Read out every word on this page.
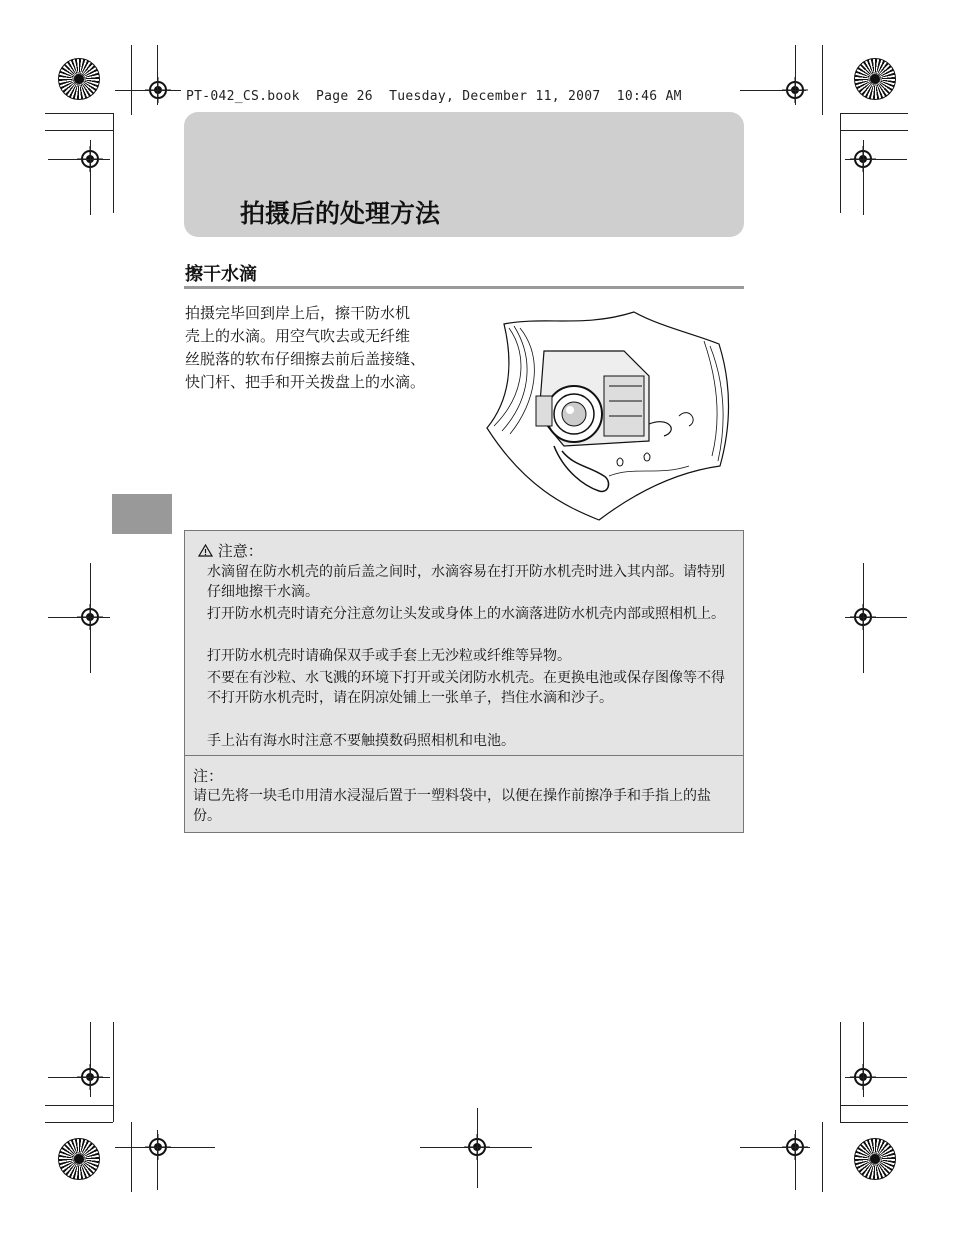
PT-042_CS.book  Page 26  Tuesday, December 11, 2007  10:46 AM
拍摄后的处理方法
擦干水滴
拍摄完毕回到岸上后，擦干防水机
壳上的水滴。用空气吹去或无纤维
丝脱落的软布仔细擦去前后盖接缝、
快门杆、把手和开关拨盘上的水滴。
注意：
水滴留在防水机壳的前后盖之间时，水滴容易在打开防水机壳时进入其内部。请特别仔细地擦干水滴。
打开防水机壳时请充分注意勿让头发或身体上的水滴落进防水机壳内部或照相机上。
打开防水机壳时请确保双手或手套上无沙粒或纤维等异物。
不要在有沙粒、水飞溅的环境下打开或关闭防水机壳。在更换电池或保存图像等不得不打开防水机壳时，请在阴凉处铺上一张单子，挡住水滴和沙子。
手上沾有海水时注意不要触摸数码照相机和电池。
注：
请已先将一块毛巾用清水浸湿后置于一塑料袋中，以便在操作前擦净手和手指上的盐份。
